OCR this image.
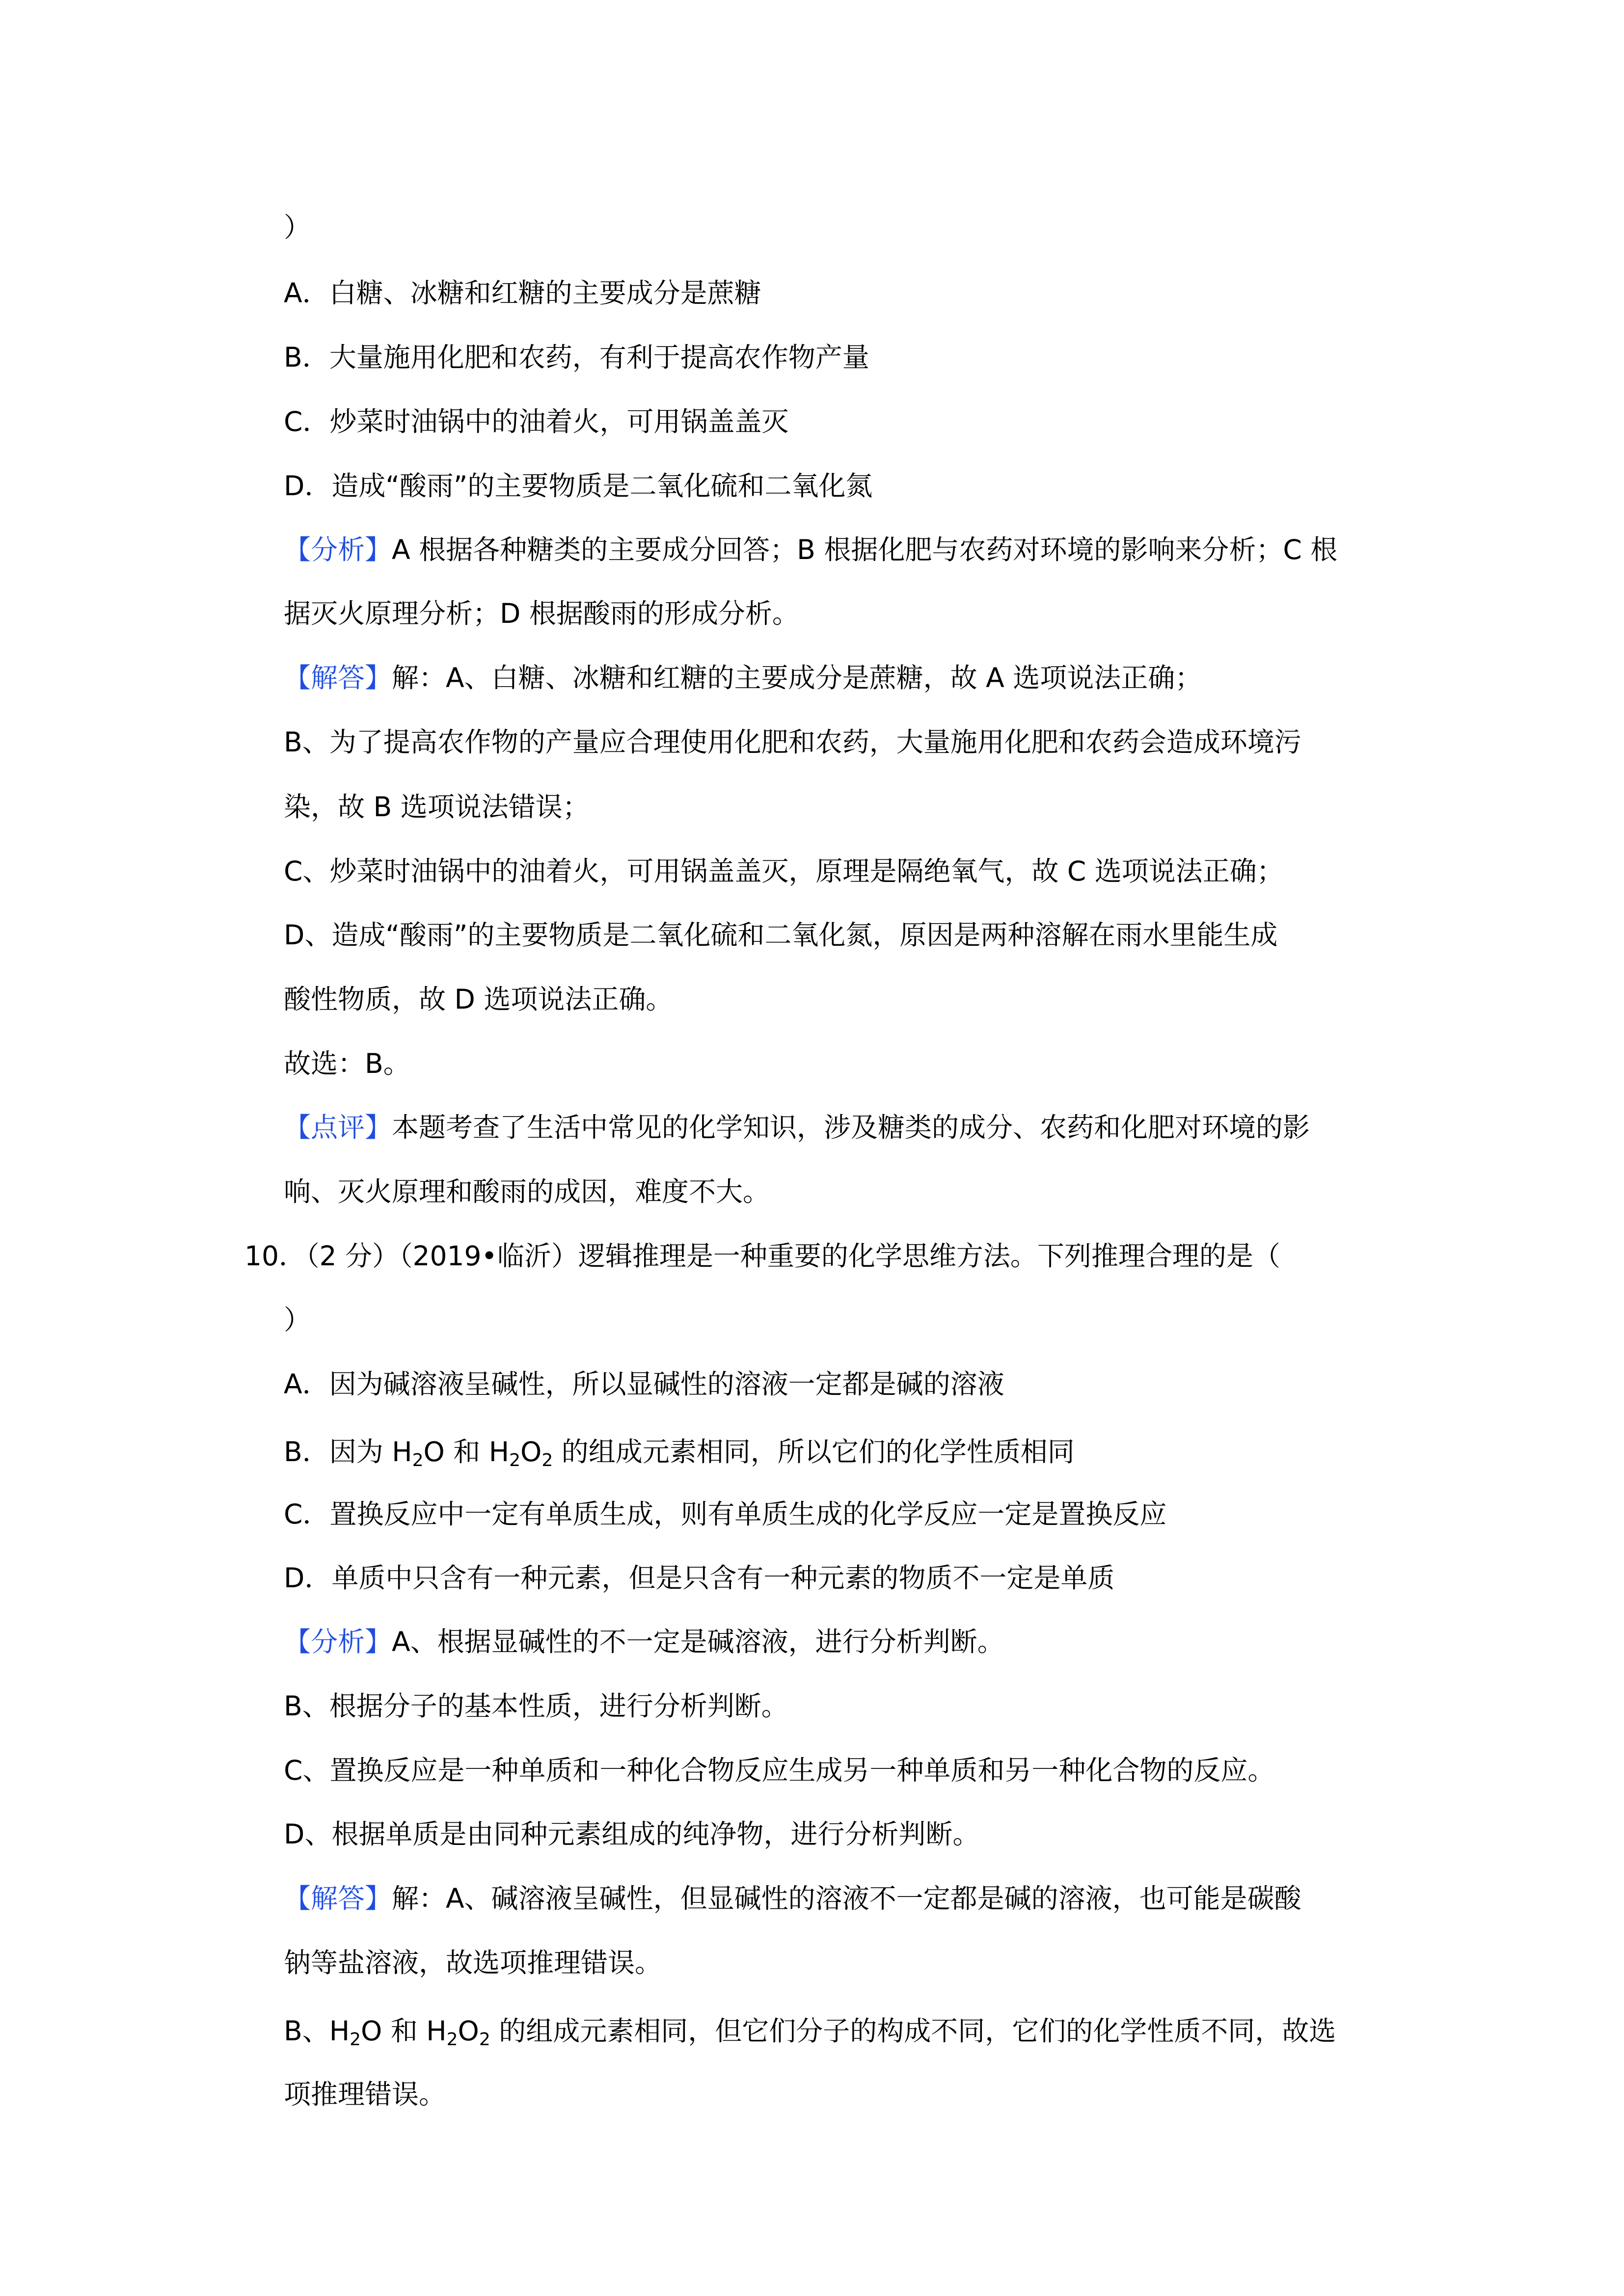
）
A．白糖、冰糖和红糖的主要成分是蔗糖
B．大量施用化肥和农药，有利于提高农作物产量
C．炒菜时油锅中的油着火，可用锅盖盖灭
D．造成“酸雨”的主要物质是二氧化硫和二氧化氮
【分析】A 根据各种糖类的主要成分回答；B 根据化肥与农药对环境的影响来分析；C 根
据灭火原理分析；D 根据酸雨的形成分析。
【解答】解：A、白糖、冰糖和红糖的主要成分是蔗糖，故 A 选项说法正确；
B、为了提高农作物的产量应合理使用化肥和农药，大量施用化肥和农药会造成环境污
染，故 B 选项说法错误；
C、炒菜时油锅中的油着火，可用锅盖盖灭，原理是隔绝氧气，故 C 选项说法正确；
D、造成“酸雨”的主要物质是二氧化硫和二氧化氮，原因是两种溶解在雨水里能生成
酸性物质，故 D 选项说法正确。
故选：B。
【点评】本题考查了生活中常见的化学知识，涉及糖类的成分、农药和化肥对环境的影
响、灭火原理和酸雨的成因，难度不大。
10．（2 分）（2019•临沂）逻辑推理是一种重要的化学思维方法。下列推理合理的是（
）
A．因为碱溶液呈碱性，所以显碱性的溶液一定都是碱的溶液
B．因为 $H_2O$ 和 $H_2O_2$ 的组成元素相同，所以它们的化学性质相同
C．置换反应中一定有单质生成，则有单质生成的化学反应一定是置换反应
D．单质中只含有一种元素，但是只含有一种元素的物质不一定是单质
【分析】A、根据显碱性的不一定是碱溶液，进行分析判断。
B、根据分子的基本性质，进行分析判断。
C、置换反应是一种单质和一种化合物反应生成另一种单质和另一种化合物的反应。
D、根据单质是由同种元素组成的纯净物，进行分析判断。
【解答】解：A、碱溶液呈碱性，但显碱性的溶液不一定都是碱的溶液，也可能是碳酸
钠等盐溶液，故选项推理错误。
B、$H_2O$ 和 $H_2O_2$ 的组成元素相同，但它们分子的构成不同，它们的化学性质不同，故选
项推理错误。
